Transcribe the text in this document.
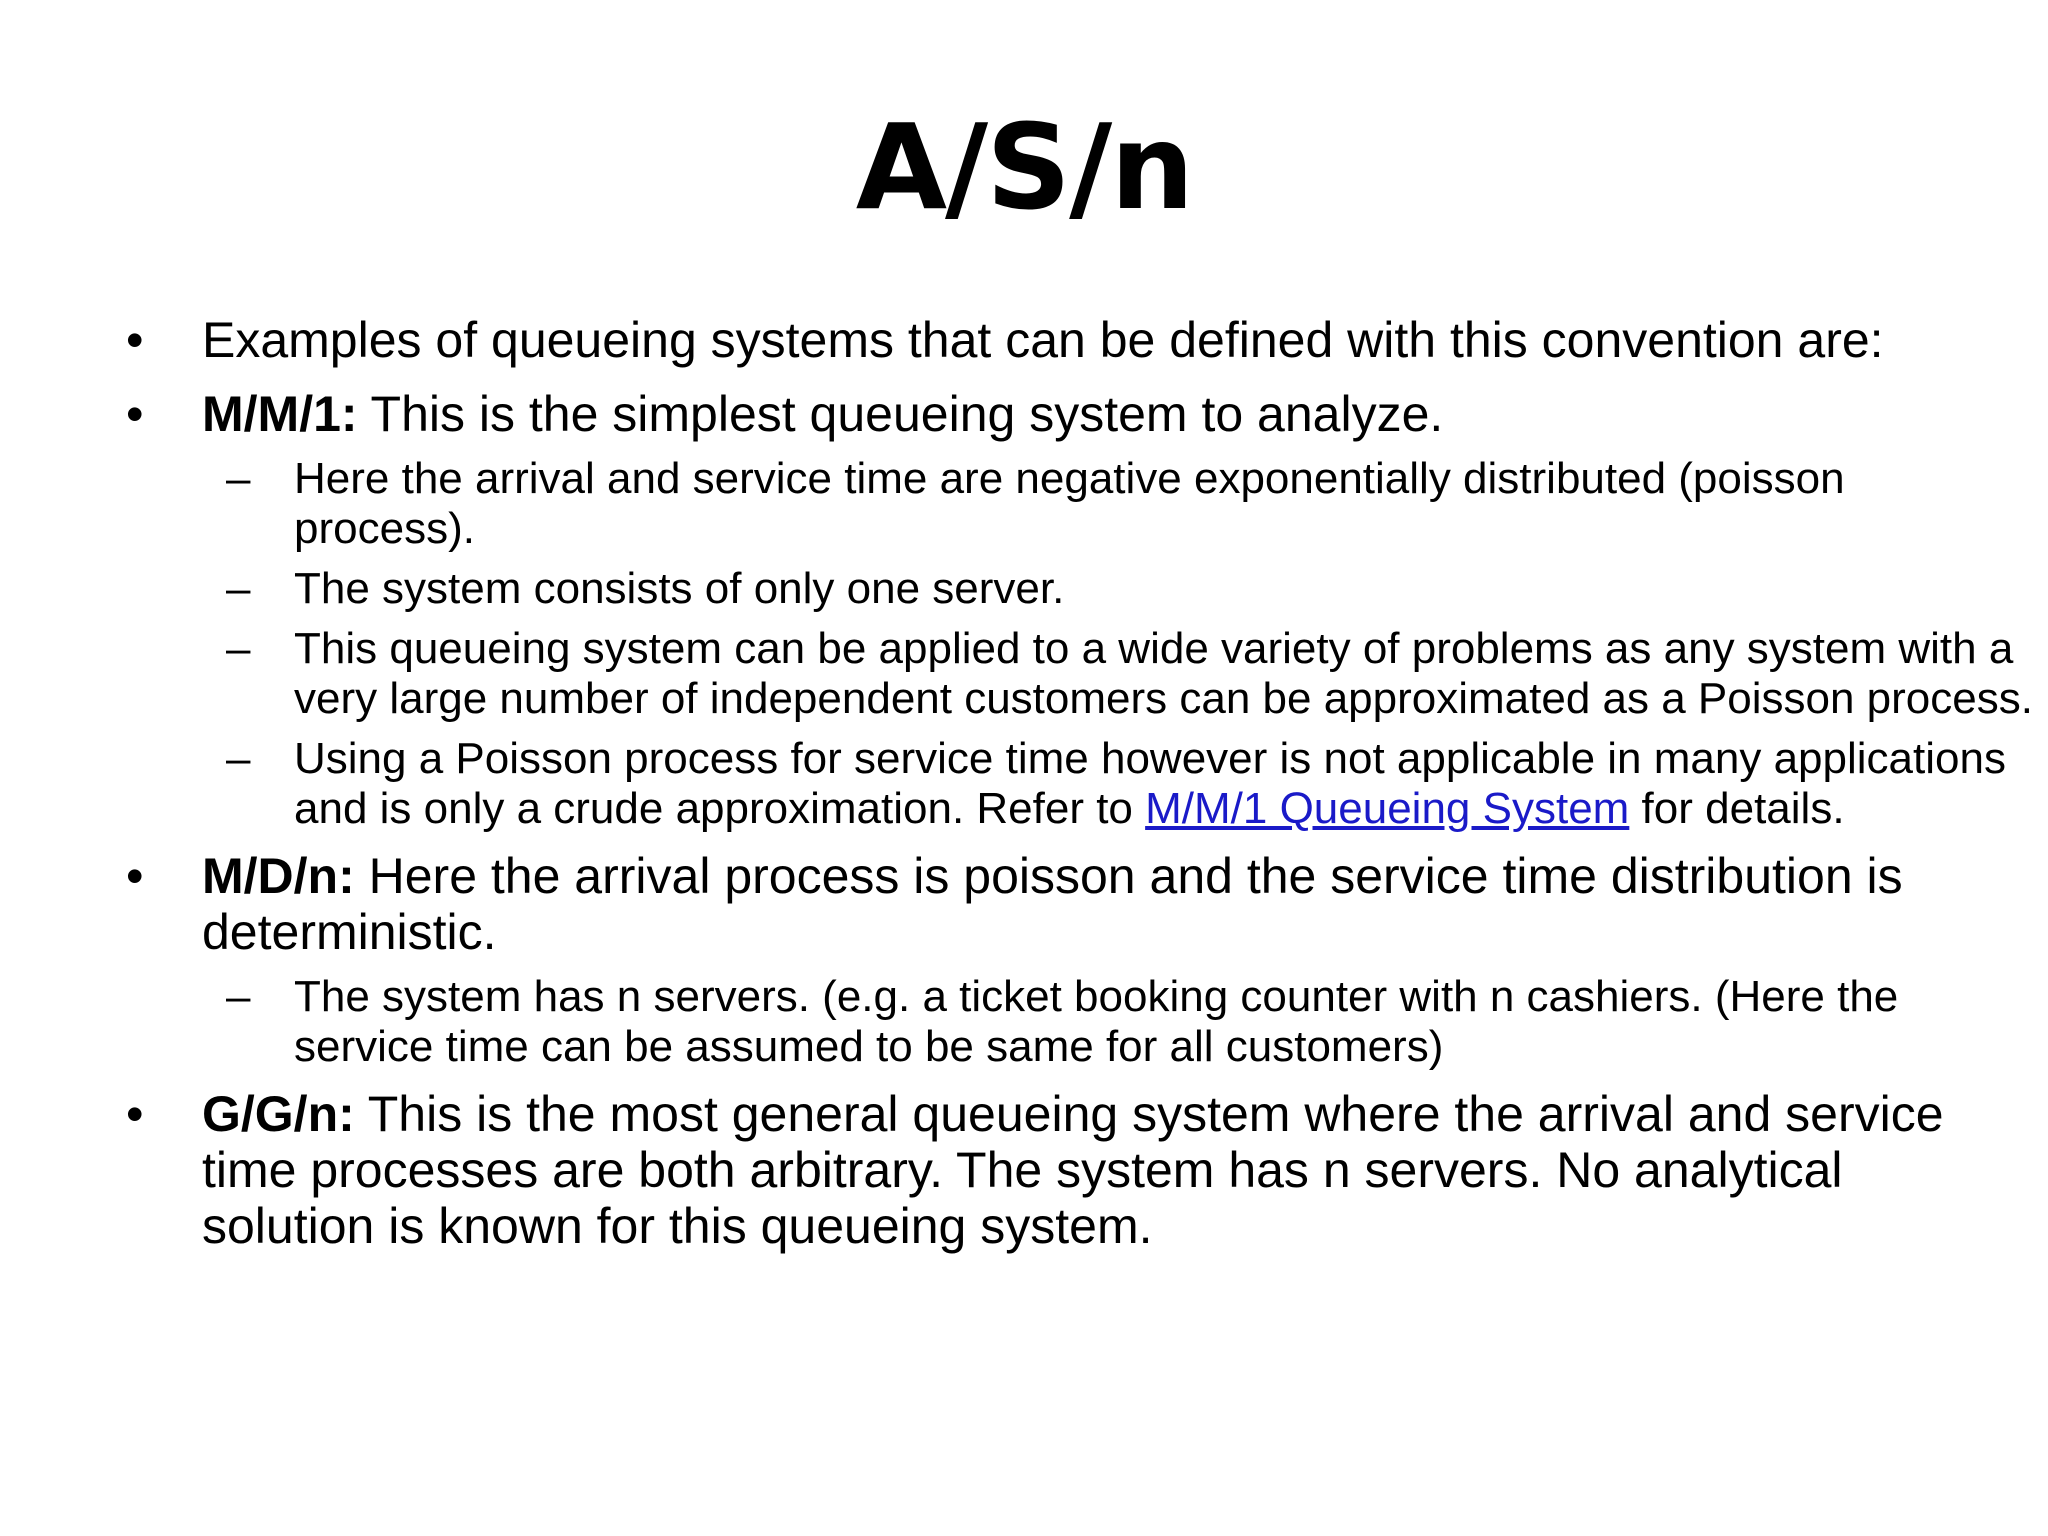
A/S/n
• Examples of queueing systems that can be defined with this convention are:
• M/M/1: This is the simplest queueing system to analyze.
– Here the arrival and service time are negative exponentially distributed (poisson process).
– The system consists of only one server.
– This queueing system can be applied to a wide variety of problems as any system with a very large number of independent customers can be approximated as a Poisson process.
– Using a Poisson process for service time however is not applicable in many applications and is only a crude approximation. Refer to M/M/1 Queueing System for details.
• M/D/n: Here the arrival process is poisson and the service time distribution is deterministic.
– The system has n servers. (e.g. a ticket booking counter with n cashiers. (Here the service time can be assumed to be same for all customers)
• G/G/n: This is the most general queueing system where the arrival and service time processes are both arbitrary. The system has n servers. No analytical solution is known for this queueing system.
